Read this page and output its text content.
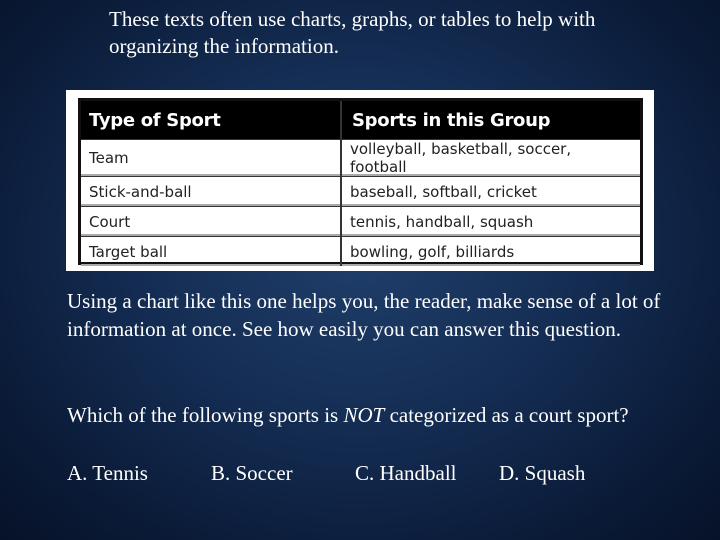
These texts often use charts, graphs, or tables to help with organizing the information.

Type of Sport	Sports in this Group
Team	volleyball, basketball, soccer, football
Stick-and-ball	baseball, softball, cricket
Court	tennis, handball, squash
Target ball	bowling, golf, billiards

Using a chart like this one helps you, the reader, make sense of a lot of information at once. See how easily you can answer this question.

Which of the following sports is NOT categorized as a court sport?

A. Tennis	B. Soccer	C. Handball D. Squash
